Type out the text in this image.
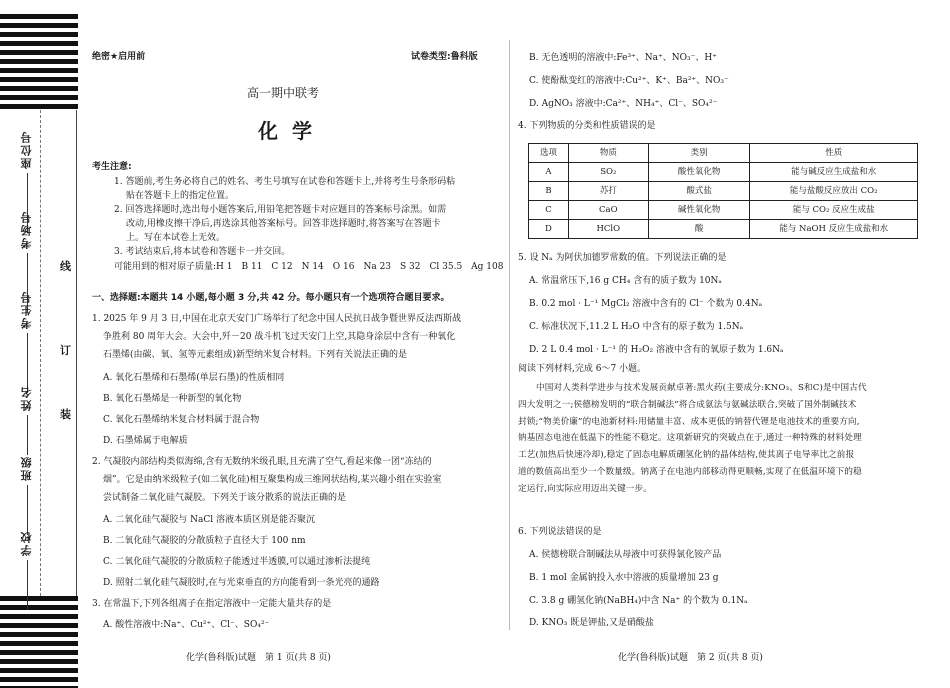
座位号
考场号
考生号
姓名
班级
学校
线
订
装
绝密★启用前	试卷类型:鲁科版
高一期中联考
化学
考生注意:
1. 答题前,考生务必将自己的姓名、考生号填写在试卷和答题卡上,并将考生号条形码粘
贴在答题卡上的指定位置。
2. 回答选择题时,选出每小题答案后,用铅笔把答题卡对应题目的答案标号涂黑。如需
改动,用橡皮擦干净后,再选涂其他答案标号。回答非选择题时,将答案写在答题卡
上。写在本试卷上无效。
3. 考试结束后,将本试卷和答题卡一并交回。
可能用到的相对原子质量:H 1　B 11　C 12　N 14　O 16　Na 23　S 32　Cl 35.5　Ag 108
一、选择题:本题共 14 小题,每小题 3 分,共 42 分。每小题只有一个选项符合题目要求。
1. 2025 年 9 月 3 日,中国在北京天安门广场举行了纪念中国人民抗日战争暨世界反法西斯战
争胜利 80 周年大会。大会中,歼－20 战斗机飞过天安门上空,其隐身涂层中含有一种氧化
石墨烯(由碳、氧、氢等元素组成)新型纳米复合材料。下列有关说法正确的是
A. 氧化石墨烯和石墨烯(单层石墨)的性质相同
B. 氧化石墨烯是一种新型的氧化物
C. 氧化石墨烯纳米复合材料属于混合物
D. 石墨烯属于电解质
2. 气凝胶内部结构类似海绵,含有无数纳米级孔眼,且充满了空气,看起来像一团“冻结的
烟”。它是由纳米级粒子(如二氧化硅)相互聚集构成三维网状结构,某兴趣小组在实验室
尝试制备二氧化硅气凝胶。下列关于该分散系的说法正确的是
A. 二氧化硅气凝胶与 NaCl 溶液本质区别是能否聚沉
B. 二氧化硅气凝胶的分散质粒子直径大于 100 nm
C. 二氧化硅气凝胶的分散质粒子能透过半透膜,可以通过渗析法提纯
D. 照射二氧化硅气凝胶时,在与光束垂直的方向能看到一条光亮的通路
3. 在常温下,下列各组离子在指定溶液中一定能大量共存的是
A. 酸性溶液中:Na⁺、Cu²⁺、Cl⁻、SO₄²⁻
化学(鲁科版)试题　第 1 页(共 8 页)
B. 无色透明的溶液中:Fe³⁺、Na⁺、NO₃⁻、H⁺
C. 使酚酞变红的溶液中:Cu²⁺、K⁺、Ba²⁺、NO₃⁻
D. AgNO₃ 溶液中:Ca²⁺、NH₄⁺、Cl⁻、SO₄²⁻
4. 下列物质的分类和性质错误的是
选项	物质	类别	性质
A	SO₂	酸性氧化物	能与碱反应生成盐和水
B	苏打	酸式盐	能与盐酸反应放出 CO₂
C	CaO	碱性氧化物	能与 CO₂ 反应生成盐
D	HClO	酸	能与 NaOH 反应生成盐和水
5. 设 Nₐ 为阿伏加德罗常数的值。下列说法正确的是
A. 常温常压下,16 g CH₄ 含有的质子数为 10Nₐ
B. 0.2 mol · L⁻¹ MgCl₂ 溶液中含有的 Cl⁻ 个数为 0.4Nₐ
C. 标准状况下,11.2 L H₂O 中含有的原子数为 1.5Nₐ
D. 2 L 0.4 mol · L⁻¹ 的 H₂O₂ 溶液中含有的氧原子数为 1.6Nₐ
阅读下列材料,完成 6～7 小题。
中国对人类科学进步与技术发展贡献卓著:黑火药(主要成分:KNO₃、S和C)是中国古代
四大发明之一;侯德榜发明的“联合制碱法”将合成氨法与氨碱法联合,突破了国外制碱技术
封锁;“物美价廉”的电池新材料:用储量丰富、成本更低的钠替代锂是电池技术的重要方向,
钠基固态电池在低温下的性能不稳定。这项新研究的突破点在于,通过一种特殊的材料处理
工艺(加热后快速冷却),稳定了固态电解质硼氢化钠的晶体结构,使其离子电导率比之前报
道的数值高出至少一个数量级。钠离子在电池内部移动得更顺畅,实现了在低温环境下的稳
定运行,向实际应用迈出关键一步。
6. 下列说法错误的是
A. 侯德榜联合制碱法从母液中可获得氯化铵产品
B. 1 mol 金属钠投入水中溶液的质量增加 23 g
C. 3.8 g 硼氢化钠(NaBH₄)中含 Na⁺ 的个数为 0.1Nₐ
D. KNO₃ 既是钾盐,又是硝酸盐
化学(鲁科版)试题　第 2 页(共 8 页)
